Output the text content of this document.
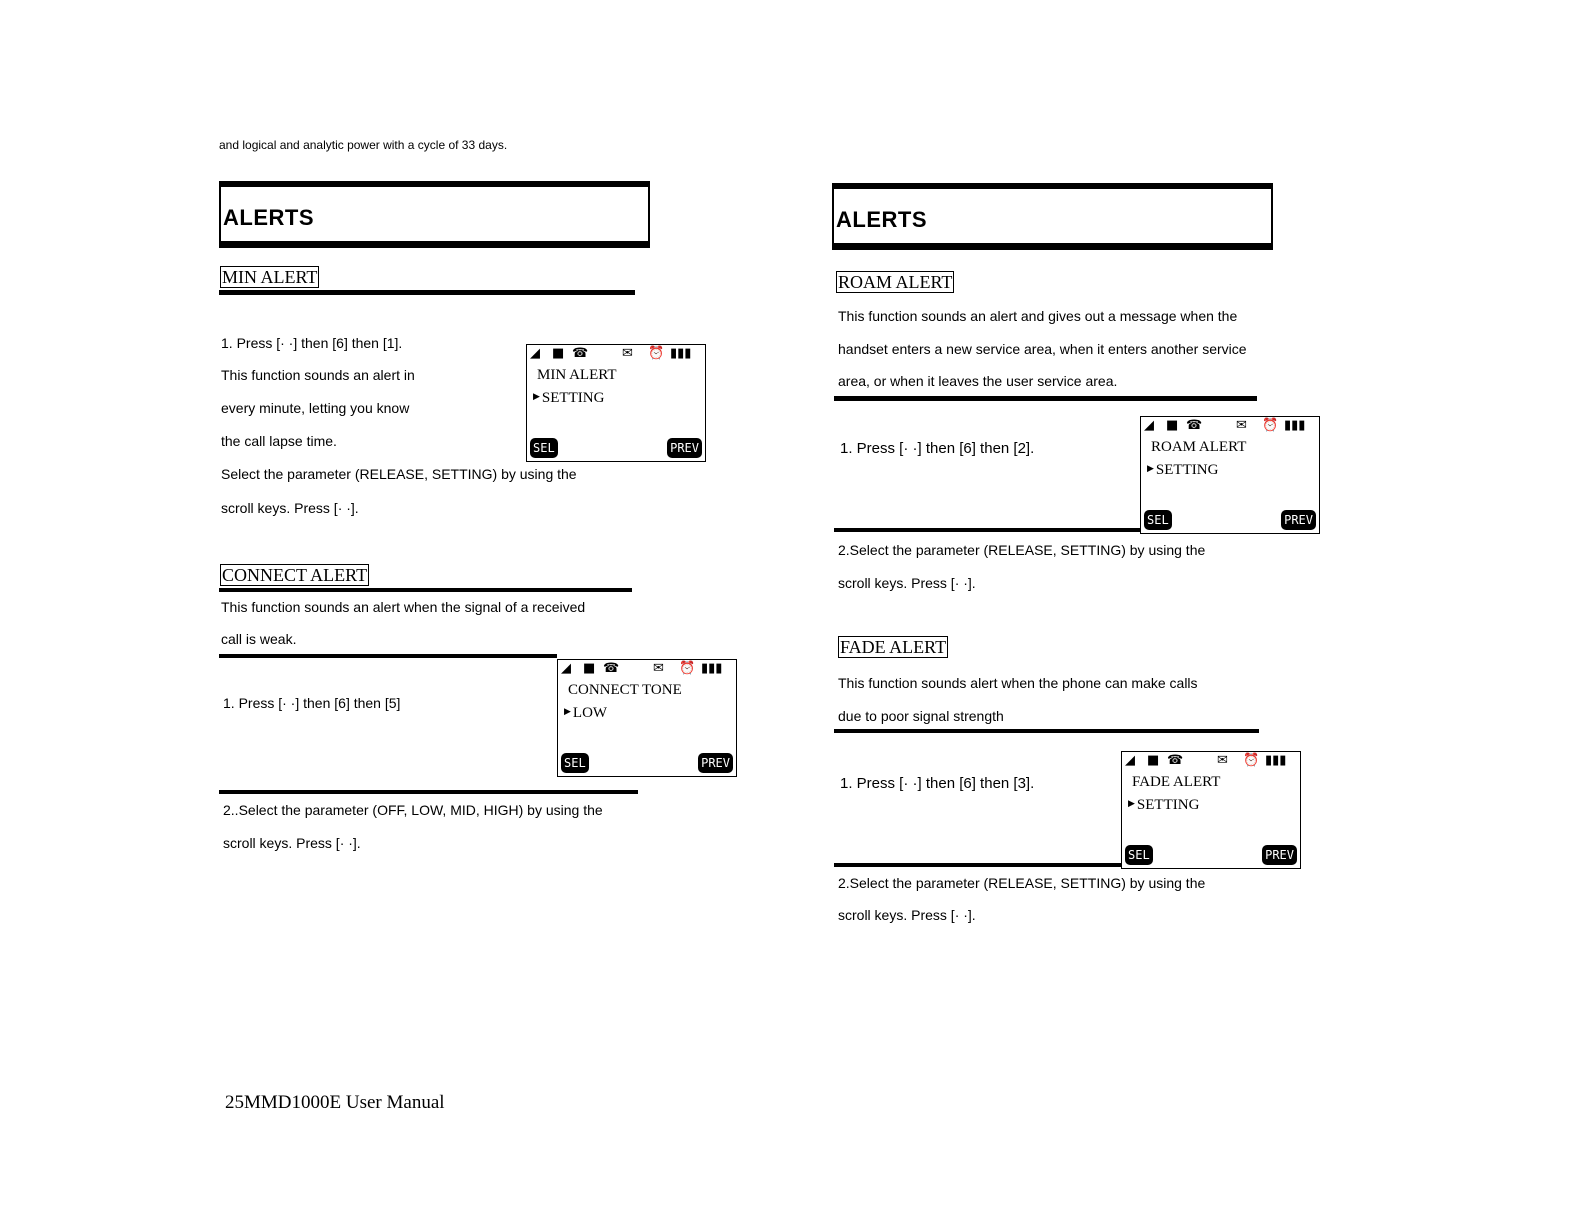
and logical and analytic power with a cycle of 33 days.
ALERTS
MIN ALERT
1. Press [· ·] then [6] then [1].
This function sounds an alert in
every minute, letting you know
the call lapse time.
Select the parameter (RELEASE, SETTING) by using the
scroll keys. Press [· ·].
◢ ■ ☎	✉ ⏰ ▮▮▮
MIN ALERT
▶ SETTING
SEL	PREV
CONNECT ALERT
This function sounds an alert when the signal of a received
call is weak.
1. Press [· ·] then [6] then [5]
◢ ■ ☎	✉ ⏰ ▮▮▮
CONNECT TONE
▶ LOW
SEL	PREV
2..Select the parameter (OFF, LOW, MID, HIGH) by using the
scroll keys. Press [· ·].
25MMD1000E User Manual
ALERTS
ROAM ALERT
This function sounds an alert and gives out a message when the
handset enters a new service area, when it enters another service
area, or when it leaves the user service area.
1. Press [· ·] then [6] then [2].
◢ ■ ☎	✉ ⏰ ▮▮▮
ROAM ALERT
▶ SETTING
SEL	PREV
2.Select the parameter (RELEASE, SETTING) by using the
scroll keys. Press [· ·].
FADE ALERT
This function sounds alert when the phone can make calls
due to poor signal strength
1. Press [· ·] then [6] then [3].
◢ ■ ☎	✉ ⏰ ▮▮▮
FADE ALERT
▶ SETTING
SEL	PREV
2.Select the parameter (RELEASE, SETTING) by using the
scroll keys. Press [· ·].
